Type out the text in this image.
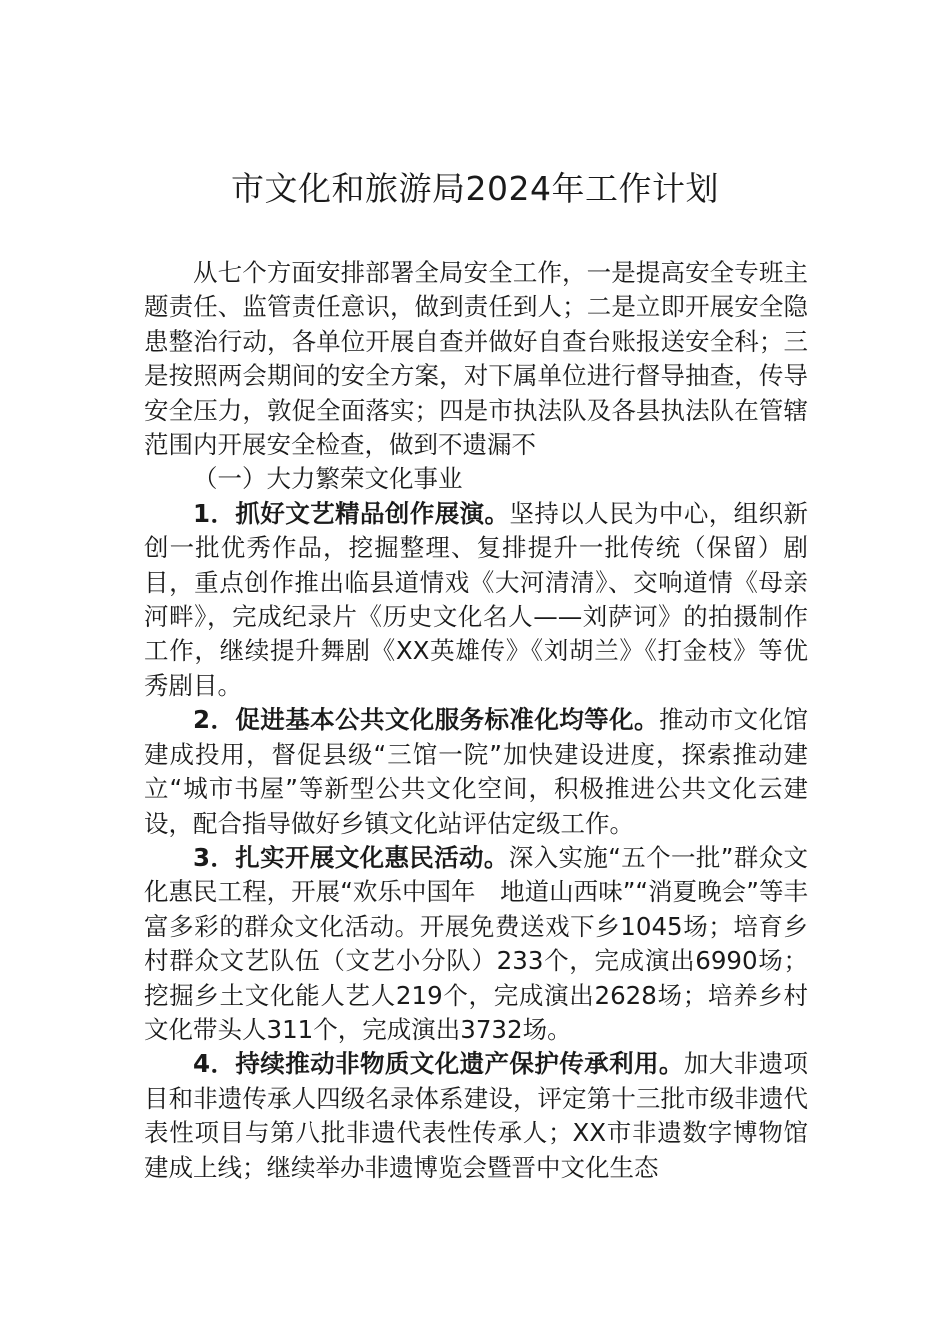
市文化和旅游局2024年工作计划

从七个方面安排部署全局安全工作，一是提高安全专班主题责任、监管责任意识，做到责任到人；二是立即开展安全隐患整治行动，各单位开展自查并做好自查台账报送安全科；三是按照两会期间的安全方案，对下属单位进行督导抽查，传导安全压力，敦促全面落实；四是市执法队及各县执法队在管辖范围内开展安全检查，做到不遗漏不

（一）大力繁荣文化事业

1．抓好文艺精品创作展演。坚持以人民为中心，组织新创一批优秀作品，挖掘整理、复排提升一批传统（保留）剧目，重点创作推出临县道情戏《大河清清》、交响道情《母亲河畔》，完成纪录片《历史文化名人——刘萨诃》的拍摄制作工作，继续提升舞剧《XX英雄传》《刘胡兰》《打金枝》等优秀剧目。

2．促进基本公共文化服务标准化均等化。推动市文化馆建成投用，督促县级“三馆一院”加快建设进度，探索推动建立“城市书屋”等新型公共文化空间，积极推进公共文化云建设，配合指导做好乡镇文化站评估定级工作。

3．扎实开展文化惠民活动。深入实施“五个一批”群众文化惠民工程，开展“欢乐中国年　地道山西味”“消夏晚会”等丰富多彩的群众文化活动。开展免费送戏下乡1045场；培育乡村群众文艺队伍（文艺小分队）233个，完成演出6990场；挖掘乡土文化能人艺人219个，完成演出2628场；培养乡村文化带头人311个，完成演出3732场。

4．持续推动非物质文化遗产保护传承利用。加大非遗项目和非遗传承人四级名录体系建设，评定第十三批市级非遗代表性项目与第八批非遗代表性传承人；XX市非遗数字博物馆建成上线；继续举办非遗博览会暨晋中文化生态
